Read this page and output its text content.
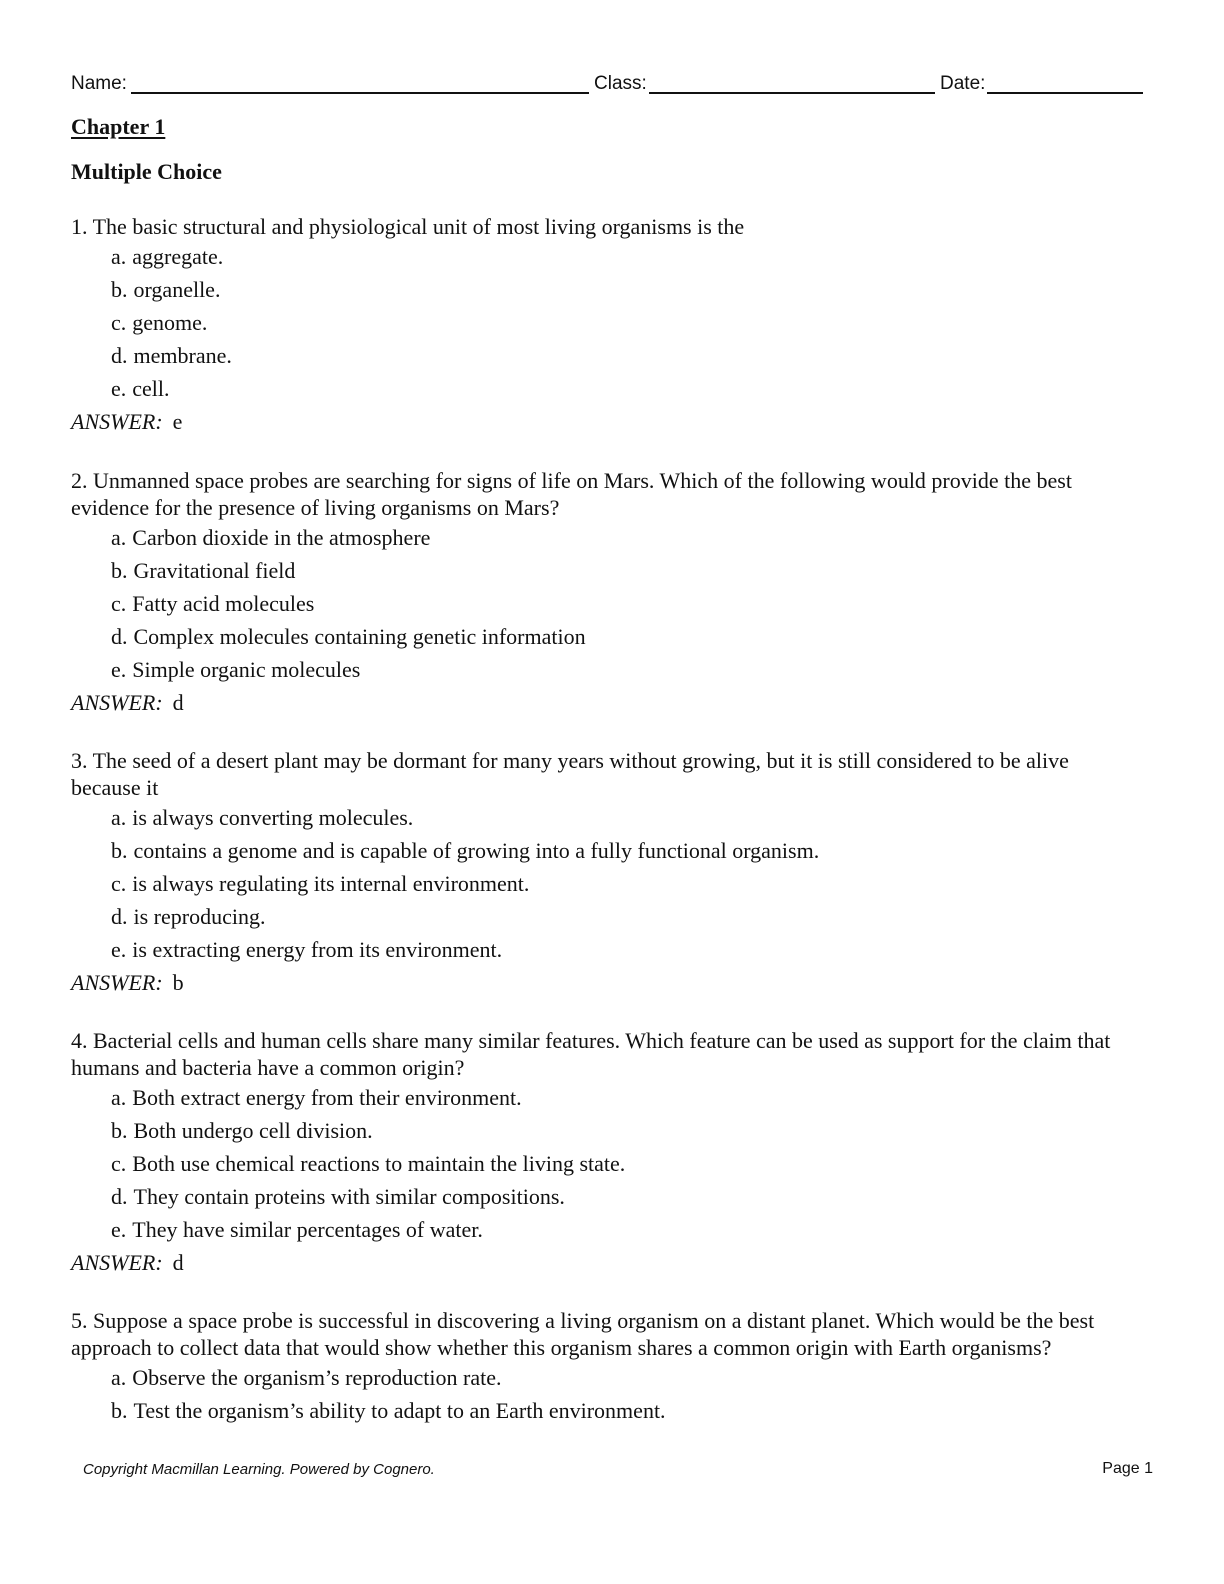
Name:	Class:	Date:
Chapter 1
Multiple Choice

1. The basic structural and physiological unit of most living organisms is the

a. aggregate.
b. organelle.
c. genome.
d. membrane.
e. cell.
ANSWER: e

2. Unmanned space probes are searching for signs of life on Mars. Which of the following would provide the best evidence for the presence of living organisms on Mars?

a. Carbon dioxide in the atmosphere
b. Gravitational field
c. Fatty acid molecules
d. Complex molecules containing genetic information
e. Simple organic molecules
ANSWER: d

3. The seed of a desert plant may be dormant for many years without growing, but it is still considered to be alive because it

a. is always converting molecules.
b. contains a genome and is capable of growing into a fully functional organism.
c. is always regulating its internal environment.
d. is reproducing.
e. is extracting energy from its environment.
ANSWER: b

4. Bacterial cells and human cells share many similar features. Which feature can be used as support for the claim that humans and bacteria have a common origin?

a. Both extract energy from their environment.
b. Both undergo cell division.
c. Both use chemical reactions to maintain the living state.
d. They contain proteins with similar compositions.
e. They have similar percentages of water.
ANSWER: d

5. Suppose a space probe is successful in discovering a living organism on a distant planet. Which would be the best approach to collect data that would show whether this organism shares a common origin with Earth organisms?

a. Observe the organism’s reproduction rate.
b. Test the organism’s ability to adapt to an Earth environment.
Copyright Macmillan Learning. Powered by Cognero.	Page 1
